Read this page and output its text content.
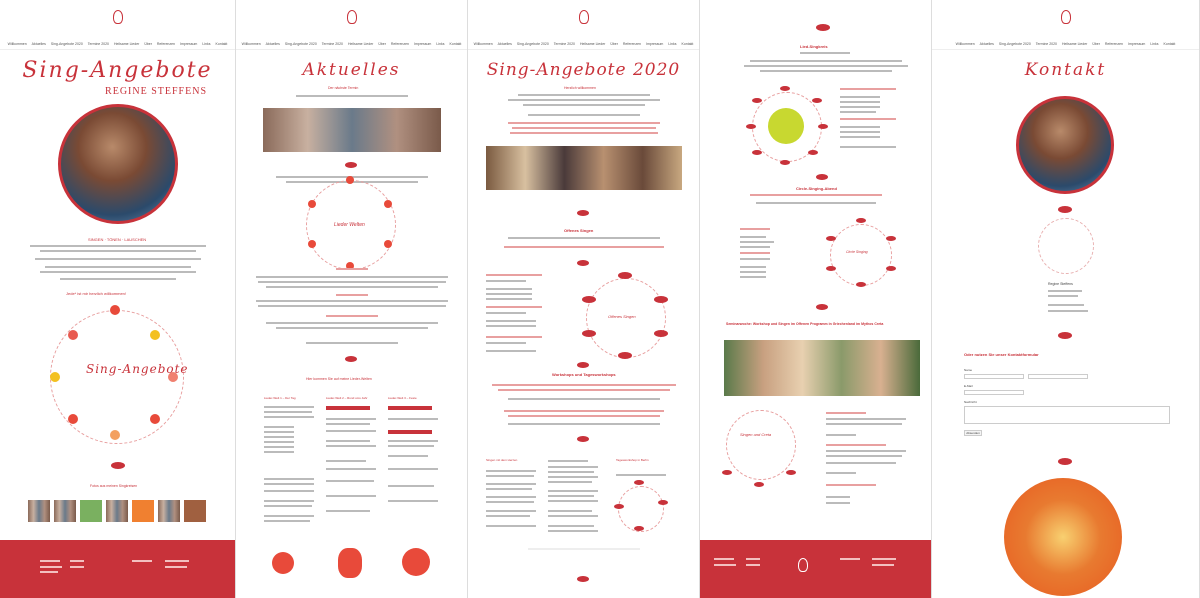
Willkommen Aktuelles Sing-Angebote 2020 Termine 2020 Heilsame Lieder Über Referenzen Impressum Links Kontakt
Sing-Angebote
REGINE STEFFENS
SINGEN · TÖNEN · LAUSCHEN
Jede* ist mir herzlich willkommen!
Sing-Angebote
Fotos aus meinen Singkreisen
Willkommen Aktuelles Sing-Angebote 2020 Termine 2020 Heilsame Lieder Über Referenzen Impressum Links Kontakt
Aktuelles
Der nächste Termin
Lieder Welten
Hier kommen Sie auf meine Lieder-Welten
Lieder-Welt 1 – Der Tag	Lieder-Welt 2 – Rund ums Jahr	Lieder-Welt 3 – Feste
Willkommen Aktuelles Sing-Angebote 2020 Termine 2020 Heilsame Lieder Über Referenzen Impressum Links Kontakt
Sing-Angebote 2020
Herzlich willkommen
Offenes Singen
Offenes Singen
Workshops und Tagesworkshops
Singen mit dem Herzen	Tagesworkshop in Berlin
Lied-Singkreis
Circle-Singing-Abend
Circle Singing
Seminarwoche: Workshop und Singen im Offenen Programm in Griechenland im Mythos Creta
Singen und Creta
Willkommen Aktuelles Sing-Angebote 2020 Termine 2020 Heilsame Lieder Über Referenzen Impressum Links Kontakt
Kontakt
Regine Steffens
Oder nutzen Sie unser Kontaktformular
Name
E-Mail
Nachricht
Absenden
